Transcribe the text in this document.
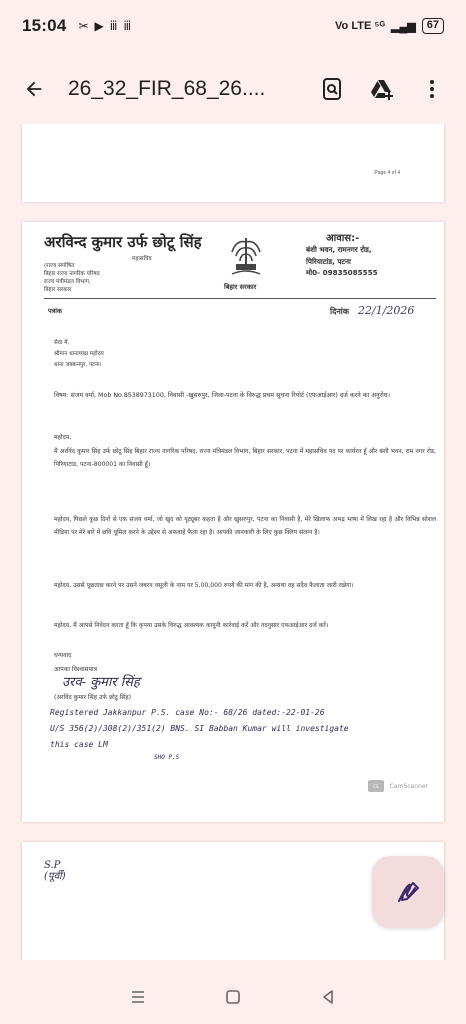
15:04 ✂ ▶ ⅲ ⅲ	Vo LTE ⁵ᴳ ▂▄▆	67
26_32_FIR_68_26....
Page 4 of 4
अरविन्द कुमार उर्फ छोटू सिंह
महासचिव
(राज्य संपोषित
बिहार राज्य नागरिक परिषद
राज्य मंत्रीमंडल विभाग,
बिहार सरकार	बिहार सरकार
आवास:-
बंशी भवन, रामनगर रोड,
पिरियाटांड, पटना
मो0- 09835085555
पत्रांक	दिनांक 22/1/2026
सेवा में,
श्रीमान थानाध्यक्ष महोदय
थाना जक्कनपुर, पटना।
विषय: संजय वर्मा, Mob No.8538973100, निवासी -खुसरुपुर, जिला-पटना के विरुद्ध प्रथम सूचना रिपोर्ट (एफआईआर) दर्ज करने का अनुरोध।
महोदय,
मैं अरविंद कुमार सिंह उर्फ छोटू सिंह बिहार राज्य नागरिक परिषद, राज्य मंत्रिमंडल विभाग, बिहार सरकार, पटना में महासचिव पद पर कार्यरत हूँ और बंशी भवन, राम नगर रोड, पिरियाटांड, पटना-800001 का निवासी हूँ।
महोदय, पिछले कुछ दिनों से एक संजय वर्मा, जो खुद को यूट्यूबर कहता है और खुसरुपुर, पटना का निवासी है, मेरे खिलाफ अभद्र भाषा में लिख रहा है और विभिन्न सोशल मीडिया पर मेरे बारे में छवि धूमिल करने के उद्देश्य से अफवाहें फैला रहा है। आपकी जानकारी के लिए कुछ क्लिप संलग्न है।
महोदय, उससे पूछताछ करने पर उसने जबरन वसूली के नाम पर 5,00,000 रुपये की मांग की है, अन्यथा वह सदैव फैलाता जारी रखेगा।
महोदय, मैं आपसे निवेदन करता हूँ कि कृपया उसके विरुद्ध आवश्यक कानूनी कार्रवाई करें और तदनुसार एफआईआर दर्ज करें।
धन्यवाद
आपका विश्वासपात्र
उरव- कुमार सिंह
(अरविंद कुमार सिंह उर्फ छोटू सिंह)
Registered Jakkanpur P.S. case No:- 68/26 dated:-22-01-26
U/S 356(2)/308(2)/351(2) BNS. SI Babban Kumar will investigate
this case LM
SHO P.S
CS	CamScanner
S.P
(पूर्वी)
